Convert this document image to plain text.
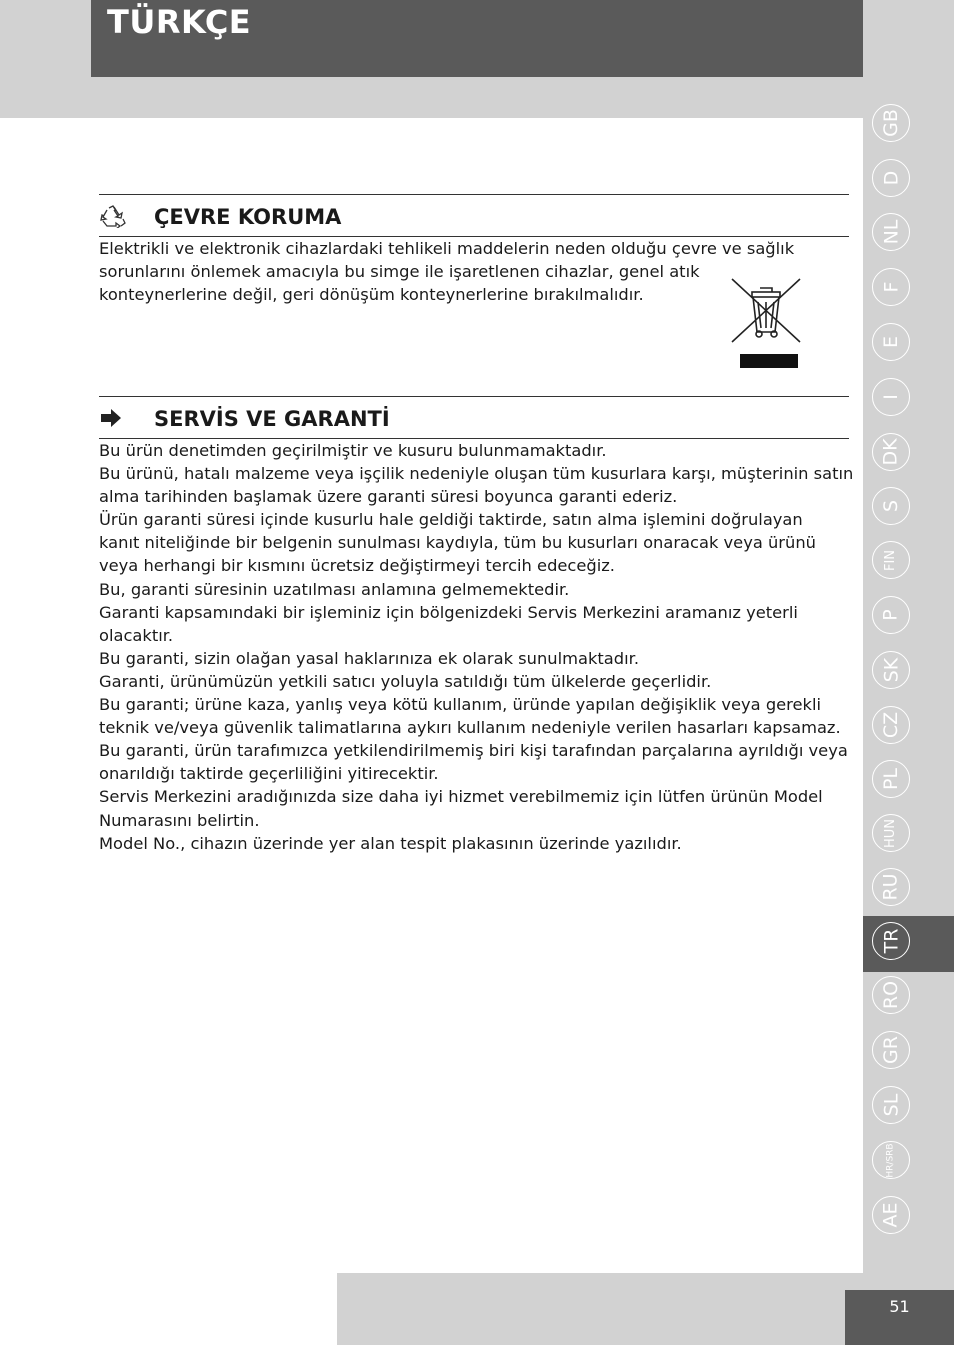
TÜRKÇE
ÇEVRE KORUMA

Elektrikli ve elektronik cihazlardaki tehlikeli maddelerin neden olduğu çevre ve sağlık

sorunlarını önlemek amacıyla bu simge ile işaretlenen cihazlar, genel atık

konteynerlerine değil, geri dönüşüm konteynerlerine bırakılmalıdır.

SERVİS VE GARANTİ

Bu ürün denetimden geçirilmiştir ve kusuru bulunmamaktadır.

Bu ürünü, hatalı malzeme veya işçilik nedeniyle oluşan tüm kusurlara karşı, müşterinin satın

alma tarihinden başlamak üzere garanti süresi boyunca garanti ederiz.

Ürün garanti süresi içinde kusurlu hale geldiği taktirde, satın alma işlemini doğrulayan

kanıt niteliğinde bir belgenin sunulması kaydıyla, tüm bu kusurları onaracak veya ürünü

veya herhangi bir kısmını ücretsiz değiştirmeyi tercih edeceğiz.

Bu, garanti süresinin uzatılması anlamına gelmemektedir.

Garanti kapsamındaki bir işleminiz için bölgenizdeki Servis Merkezini aramanız yeterli

olacaktır.

Bu garanti, sizin olağan yasal haklarınıza ek olarak sunulmaktadır.

Garanti, ürünümüzün yetkili satıcı yoluyla satıldığı tüm ülkelerde geçerlidir.

Bu garanti; ürüne kaza, yanlış veya kötü kullanım, üründe yapılan değişiklik veya gerekli

teknik ve/veya güvenlik talimatlarına aykırı kullanım nedeniyle verilen hasarları kapsamaz.

Bu garanti, ürün tarafımızca yetkilendirilmemiş biri kişi tarafından parçalarına ayrıldığı veya

onarıldığı taktirde geçerliliğini yitirecektir.

Servis Merkezini aradığınızda size daha iyi hizmet verebilmemiz için lütfen ürünün Model

Numarasını belirtin.

Model No., cihazın üzerinde yer alan tespit plakasının üzerinde yazılıdır.

GB
D
NL
F
E
I
DK
S
FIN
P
SK
CZ
PL
HUN
RU
TR
RO
GR
SL
HR/SRB
AE
51
